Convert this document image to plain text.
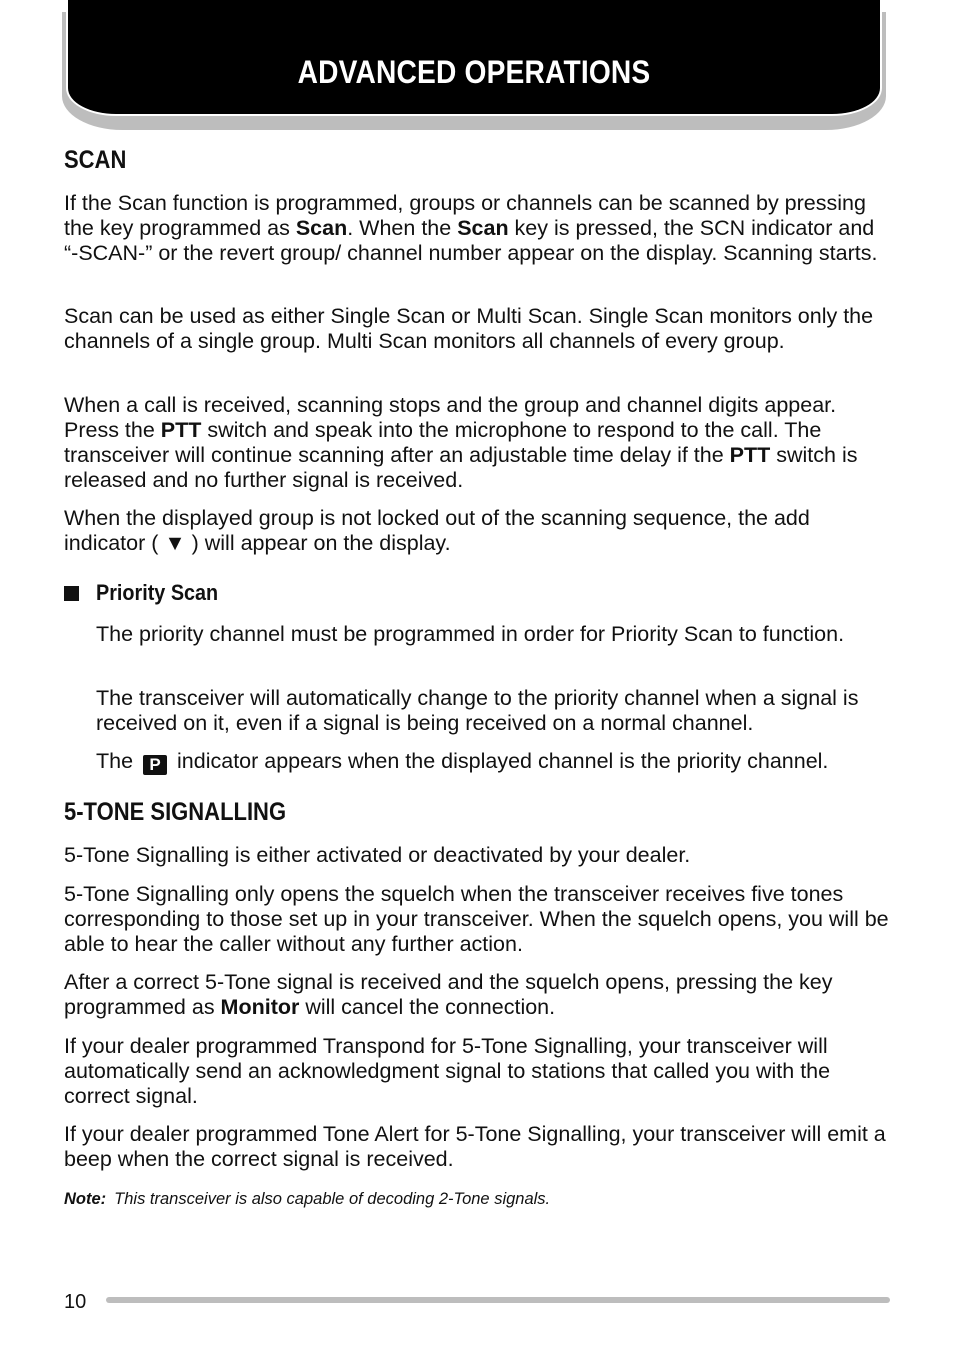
ADVANCED OPERATIONS
SCAN

If the Scan function is programmed, groups or channels can be scanned by pressing the key programmed as Scan. When the Scan key is pressed, the SCN indicator and “-SCAN-” or the revert group/ channel number appear on the display. Scanning starts.

Scan can be used as either Single Scan or Multi Scan. Single Scan monitors only the channels of a single group. Multi Scan monitors all channels of every group.

When a call is received, scanning stops and the group and channel digits appear. Press the PTT switch and speak into the microphone to respond to the call. The transceiver will continue scanning after an adjustable time delay if the PTT switch is released and no further signal is received.

When the displayed group is not locked out of the scanning sequence, the add indicator ( ▼ ) will appear on the display.

Priority Scan

The priority channel must be programmed in order for Priority Scan to function.

The transceiver will automatically change to the priority channel when a signal is received on it, even if a signal is being received on a normal channel.

The P indicator appears when the displayed channel is the priority channel.

5-TONE SIGNALLING

5-Tone Signalling is either activated or deactivated by your dealer.

5-Tone Signalling only opens the squelch when the transceiver receives five tones corresponding to those set up in your transceiver. When the squelch opens, you will be able to hear the caller without any further action.

After a correct 5-Tone signal is received and the squelch opens, pressing the key programmed as Monitor will cancel the connection.

If your dealer programmed Transpond for 5-Tone Signalling, your transceiver will automatically send an acknowledgment signal to stations that called you with the correct signal.

If your dealer programmed Tone Alert for 5-Tone Signalling, your transceiver will emit a beep when the correct signal is received.

Note: This transceiver is also capable of decoding 2-Tone signals.

10
